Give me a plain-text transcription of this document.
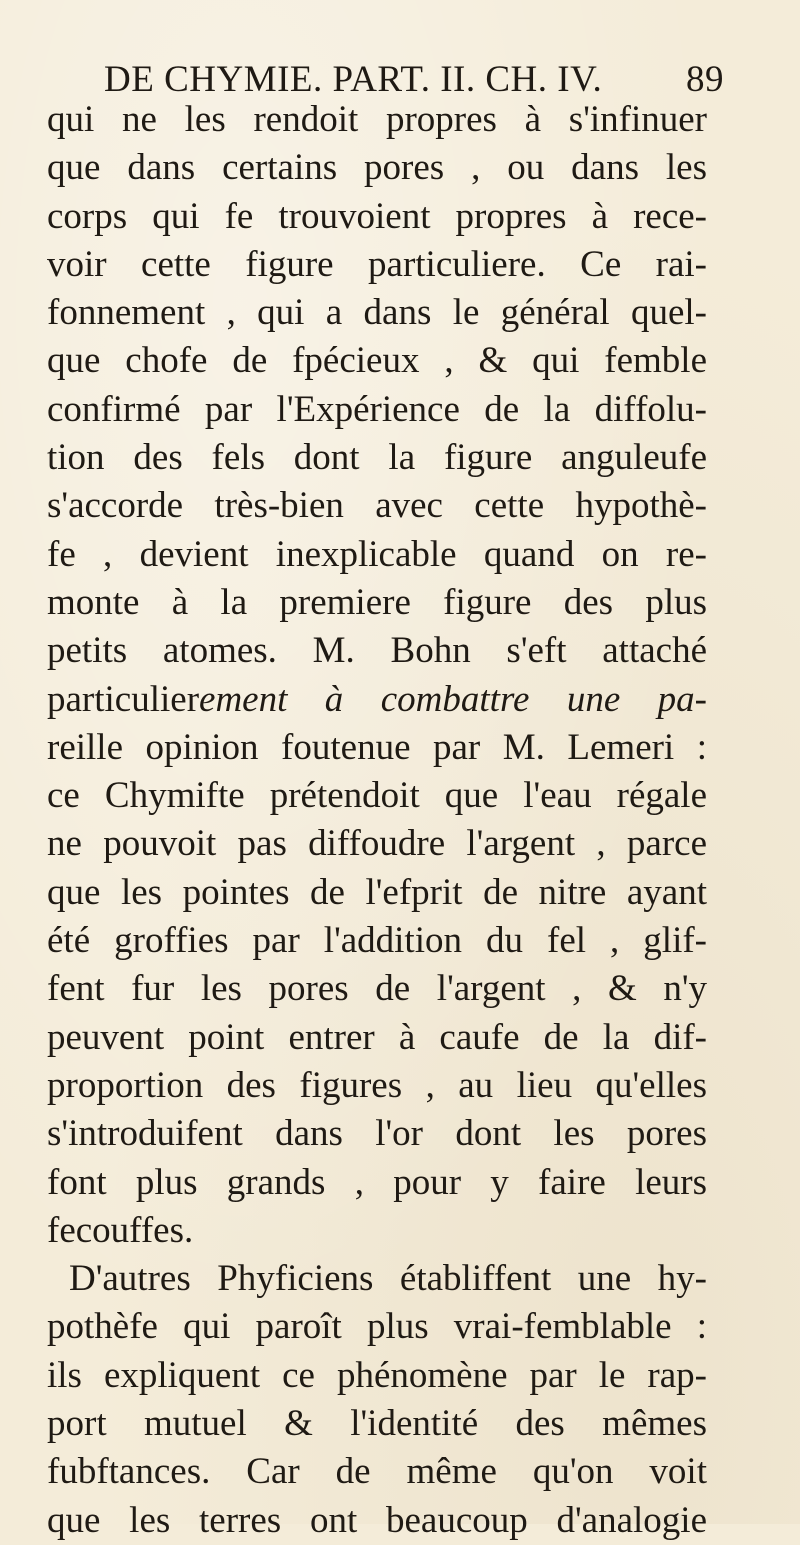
DE CHYMIE. PART. II. CH. IV. 89
qui ne les rendoit propres à s'infinuer
que dans certains pores , ou dans les
corps qui fe trouvoient propres à rece-
voir cette figure particuliere. Ce rai-
fonnement , qui a dans le général quel-
que chofe de fpécieux , & qui femble
confirmé par l'Expérience de la diffolu-
tion des fels dont la figure anguleufe
s'accorde très-bien avec cette hypothè-
fe , devient inexplicable quand on re-
monte à la premiere figure des plus
petits atomes. M. Bohn s'eft attaché
particulierement à combattre une pa-
reille opinion foutenue par M. Lemeri :
ce Chymifte prétendoit que l'eau régale
ne pouvoit pas diffoudre l'argent , parce
que les pointes de l'efprit de nitre ayant
été groffies par l'addition du fel , glif-
fent fur les pores de l'argent , & n'y
peuvent point entrer à caufe de la dif-
proportion des figures , au lieu qu'elles
s'introduifent dans l'or dont les pores
font plus grands , pour y faire leurs
fecouffes.
D'autres Phyficiens établiffent une hy-
pothèfe qui paroît plus vrai-femblable :
ils expliquent ce phénomène par le rap-
port mutuel & l'identité des mêmes
fubftances. Car de même qu'on voit
que les terres ont beaucoup d'analogie
